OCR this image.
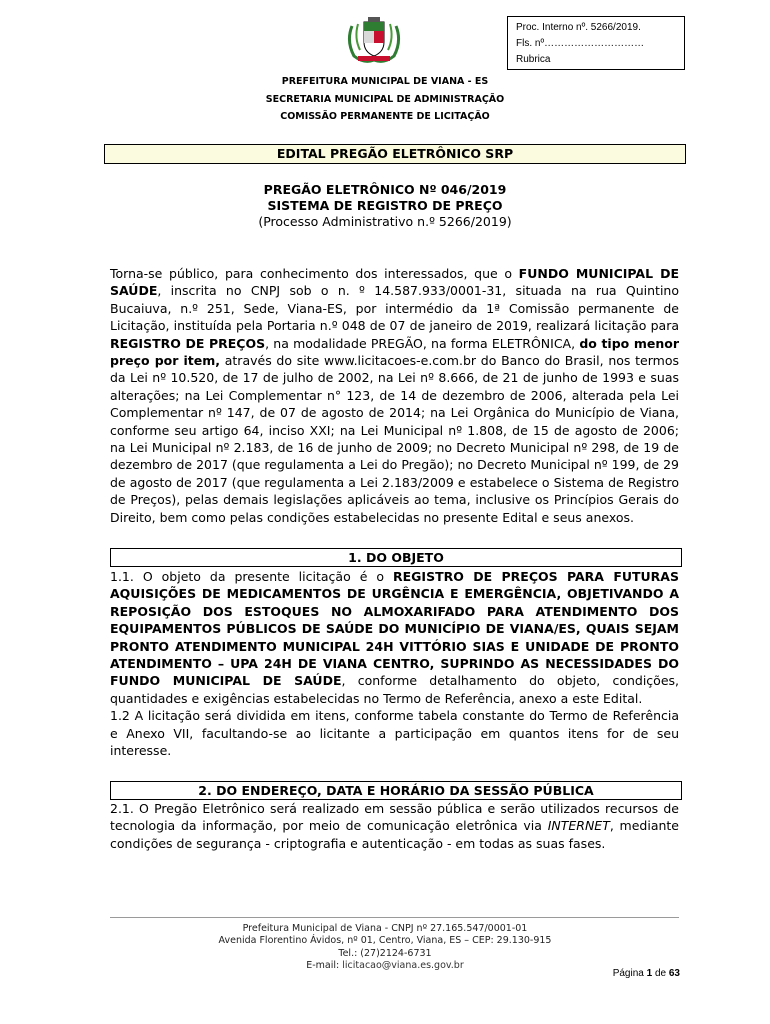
Proc. Interno nº. 5266/2019.
Fls. nº…………………………
Rubrica
PREFEITURA MUNICIPAL DE VIANA - ES
SECRETARIA MUNICIPAL DE ADMINISTRAÇÃO
COMISSÃO PERMANENTE DE LICITAÇÃO
EDITAL PREGÃO ELETRÔNICO SRP
PREGÃO ELETRÔNICO Nº 046/2019
SISTEMA DE REGISTRO DE PREÇO
(Processo Administrativo n.º 5266/2019)

Torna-se público, para conhecimento dos interessados, que o FUNDO MUNICIPAL DE SAÚDE, inscrita no CNPJ sob o n. º 14.587.933/0001-31, situada na rua Quintino Bucaiuva, n.º 251, Sede, Viana-ES, por intermédio da 1ª Comissão permanente de Licitação, instituída pela Portaria n.º 048 de 07 de janeiro de 2019, realizará licitação para REGISTRO DE PREÇOS, na modalidade PREGÃO, na forma ELETRÔNICA, do tipo menor preço por item, através do site www.licitacoes-e.com.br do Banco do Brasil, nos termos da Lei nº 10.520, de 17 de julho de 2002, na Lei nº 8.666, de 21 de junho de 1993 e suas alterações; na Lei Complementar n° 123, de 14 de dezembro de 2006, alterada pela Lei Complementar nº 147, de 07 de agosto de 2014; na Lei Orgânica do Município de Viana, conforme seu artigo 64, inciso XXI; na Lei Municipal nº 1.808, de 15 de agosto de 2006; na Lei Municipal nº 2.183, de 16 de junho de 2009; no Decreto Municipal nº 298, de 19 de dezembro de 2017 (que regulamenta a Lei do Pregão); no Decreto Municipal nº 199, de 29 de agosto de 2017 (que regulamenta a Lei 2.183/2009 e estabelece o Sistema de Registro de Preços), pelas demais legislações aplicáveis ao tema, inclusive os Princípios Gerais do Direito, bem como pelas condições estabelecidas no presente Edital e seus anexos.

1. DO OBJETO

1.1. O objeto da presente licitação é o REGISTRO DE PREÇOS PARA FUTURAS AQUISIÇÕES DE MEDICAMENTOS DE URGÊNCIA E EMERGÊNCIA, OBJETIVANDO A REPOSIÇÃO DOS ESTOQUES NO ALMOXARIFADO PARA ATENDIMENTO DOS EQUIPAMENTOS PÚBLICOS DE SAÚDE DO MUNICÍPIO DE VIANA/ES, QUAIS SEJAM PRONTO ATENDIMENTO MUNICIPAL 24H VITTÓRIO SIAS E UNIDADE DE PRONTO ATENDIMENTO – UPA 24H DE VIANA CENTRO, SUPRINDO AS NECESSIDADES DO FUNDO MUNICIPAL DE SAÚDE, conforme detalhamento do objeto, condições, quantidades e exigências estabelecidas no Termo de Referência, anexo a este Edital.

1.2 A licitação será dividida em itens, conforme tabela constante do Termo de Referência e Anexo VII, facultando-se ao licitante a participação em quantos itens for de seu interesse.

2. DO ENDEREÇO, DATA E HORÁRIO DA SESSÃO PÚBLICA

2.1. O Pregão Eletrônico será realizado em sessão pública e serão utilizados recursos de tecnologia da informação, por meio de comunicação eletrônica via INTERNET, mediante condições de segurança - criptografia e autenticação - em todas as suas fases.

Prefeitura Municipal de Viana - CNPJ nº 27.165.547/0001-01
Avenida Florentino Ávidos, nº 01, Centro, Viana, ES – CEP: 29.130-915
Tel.: (27)2124-6731
E-mail: licitacao@viana.es.gov.br
Página 1 de 63
